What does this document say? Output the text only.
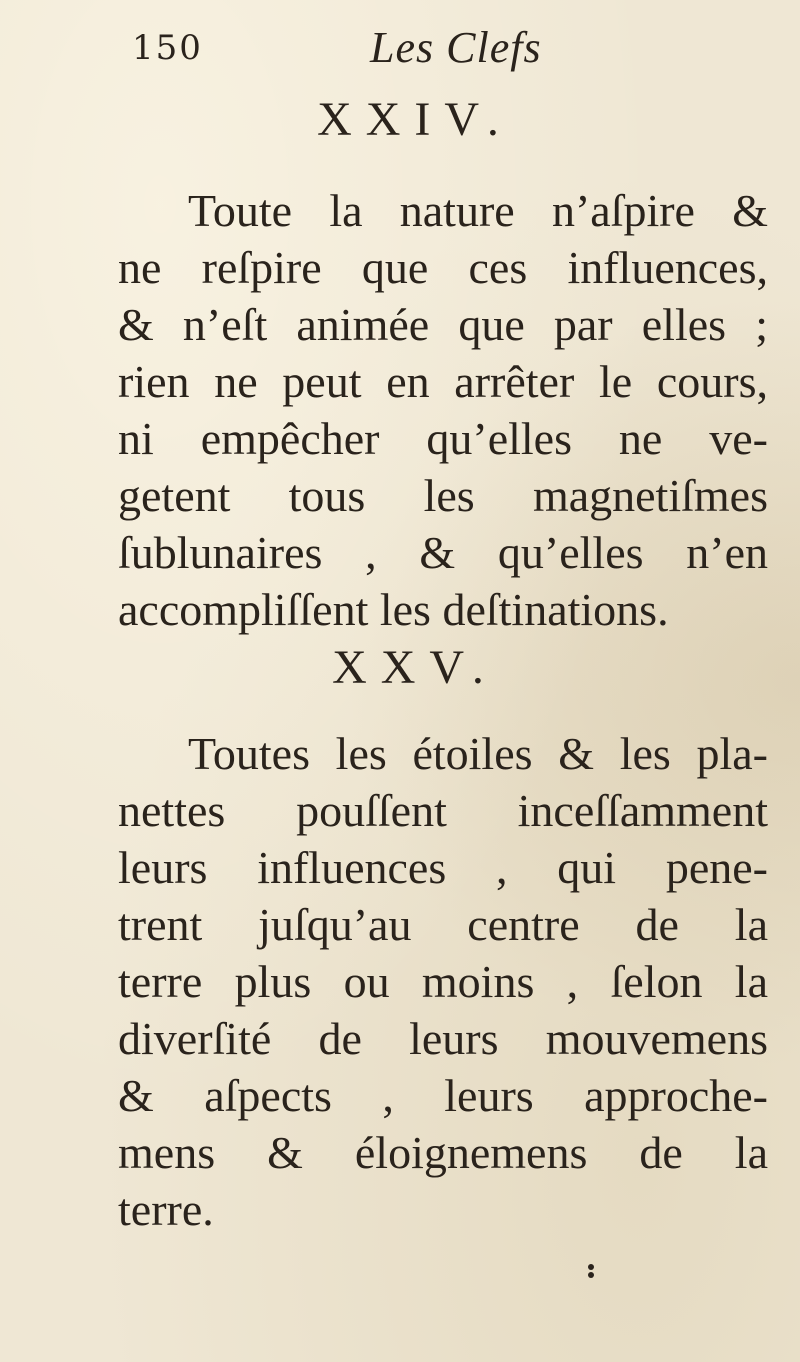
150	Les Clefs
XXIV.
Toute la nature n’aſpire &
ne reſpire que ces influences,
& n’eſt animée que par elles ;
rien ne peut en arrêter le cours,
ni empêcher qu’elles ne ve-
getent tous les magnetiſmes
ſublunaires , & qu’elles n’en
accompliſſent les deſtinations.
XXV.
Toutes les étoiles & les pla-
nettes pouſſent inceſſamment
leurs influences , qui pene-
trent juſqu’au centre de la
terre plus ou moins , ſelon la
diverſité de leurs mouvemens
& aſpects , leurs approche-
mens & éloignemens de la
terre.
